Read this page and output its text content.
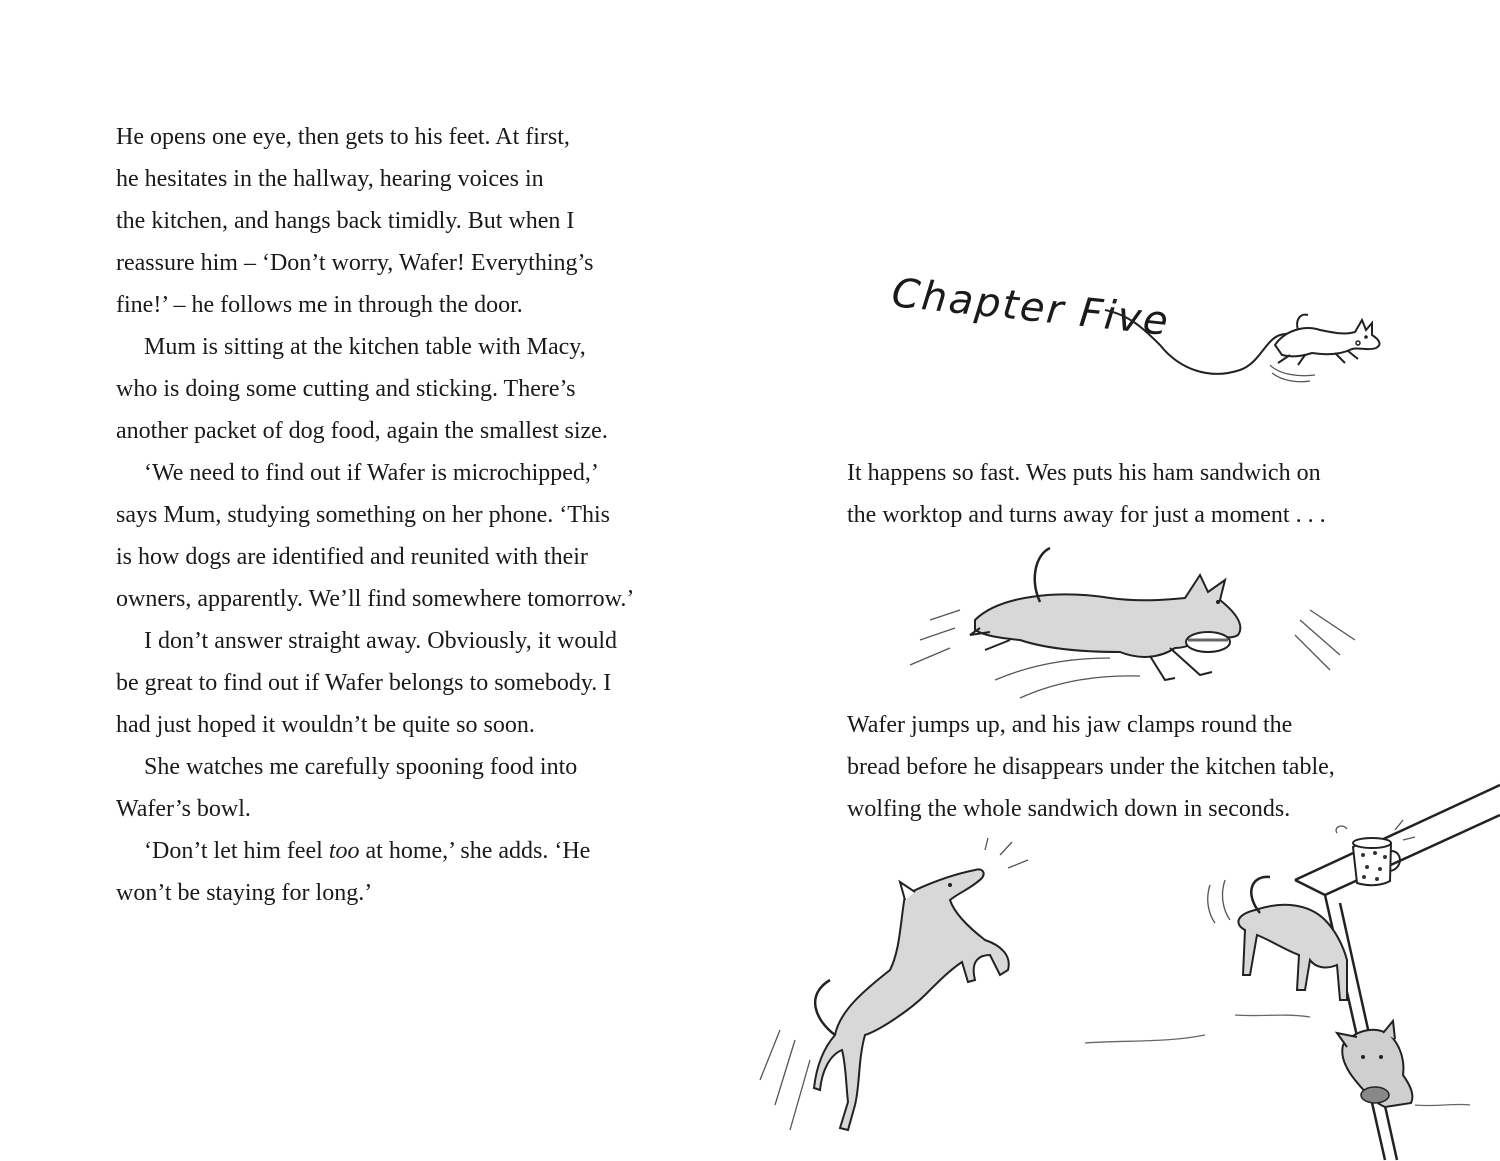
He opens one eye, then gets to his feet. At first,
he hesitates in the hallway, hearing voices in
the kitchen, and hangs back timidly. But when I
reassure him – ‘Don’t worry, Wafer! Everything’s
fine!’ – he follows me in through the door.

Mum is sitting at the kitchen table with Macy,
who is doing some cutting and sticking. There’s
another packet of dog food, again the smallest size.

‘We need to find out if Wafer is microchipped,’
says Mum, studying something on her phone. ‘This
is how dogs are identified and reunited with their
owners, apparently. We’ll find somewhere tomorrow.’

I don’t answer straight away. Obviously, it would
be great to find out if Wafer belongs to somebody. I
had just hoped it wouldn’t be quite so soon.

She watches me carefully spooning food into
Wafer’s bowl.

‘Don’t let him feel too at home,’ she adds. ‘He
won’t be staying for long.’

Chapter Five
It happens so fast. Wes puts his ham sandwich on
the worktop and turns away for just a moment . . .
Wafer jumps up, and his jaw clamps round the
bread before he disappears under the kitchen table,
wolfing the whole sandwich down in seconds.
